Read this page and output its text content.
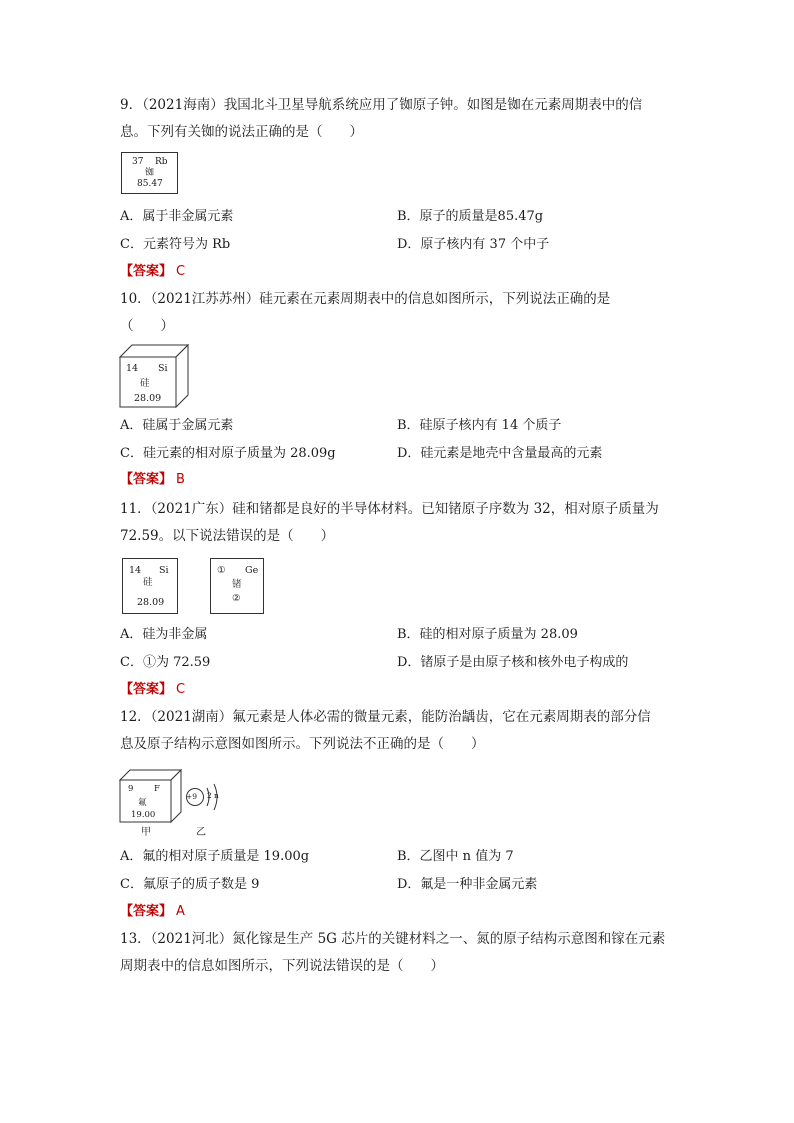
9．（2021海南）我国北斗卫星导航系统应用了铷原子钟。如图是铷在元素周期表中的信
息。下列有关铷的说法正确的是（　　）
37 Rb
铷
85.47
A．属于非金属元素	B．原子的质量是85.47g
C．元素符号为 Rb	D．原子核内有 37 个中子
【答案】 C
10．（2021江苏苏州）硅元素在元素周期表中的信息如图所示，下列说法正确的是
（　　）
14 Si
硅
28.09
A．硅属于金属元素	B．硅原子核内有 14 个质子
C．硅元素的相对原子质量为 28.09g	D．硅元素是地壳中含量最高的元素
【答案】 B
11．（2021广东）硅和锗都是良好的半导体材料。已知锗原子序数为 32，相对原子质量为
72.59。以下说法错误的是（　　）
14 Si
硅
28.09
① Ge
锗
②
A．硅为非金属	B．硅的相对原子质量为 28.09
C．①为 72.59	D．锗原子是由原子核和核外电子构成的
【答案】 C
12．（2021湖南）氟元素是人体必需的微量元素，能防治龋齿，它在元素周期表的部分信
息及原子结构示意图如图所示。下列说法不正确的是（　　）
9 F
氟
19.00
甲
+9 2 n
乙
A．氟的相对原子质量是 19.00g	B．乙图中 n 值为 7
C．氟原子的质子数是 9	D．氟是一种非金属元素
【答案】 A
13．（2021河北）氮化镓是生产 5G 芯片的关键材料之一、氮的原子结构示意图和镓在元素
周期表中的信息如图所示，下列说法错误的是（　　）
